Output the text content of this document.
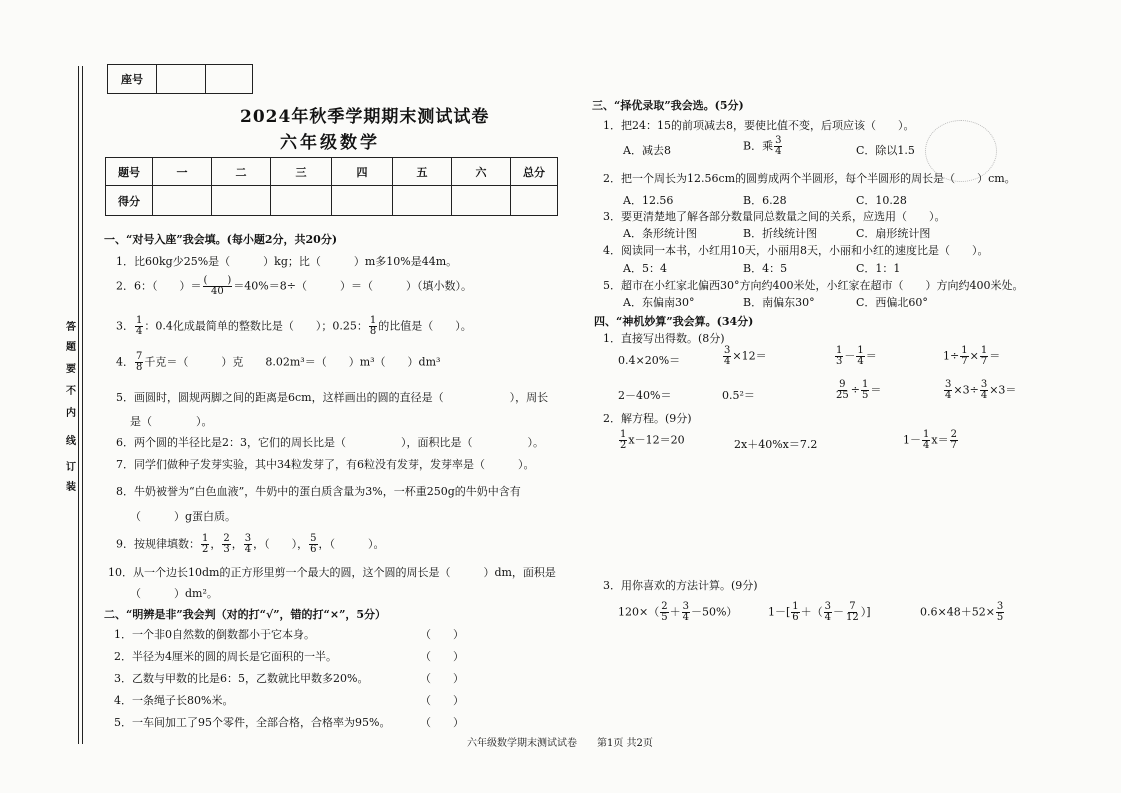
答
题
要
不
内
线
订
装
座号		
2024年秋季学期期末测试试卷
六年级数学
题号	一	二	三	四	五	六	总分
得分							
一、“对号入座”我会填。(每小题2分，共20分)
1．比60kg少25%是（　　　）kg；比（　　　）m多10%是44m。
2．6：（　　）＝ $\frac{( )}{40} =40\%=8\div$（　　　）＝（　　　）（填小数）。
3． $\frac{1}{4}$ ：0.4化成最简单的整数比是（　　）；0.25： $\frac{1}{8}$ 的比值是（　　）。
4． $\frac{7}{8}$ 千克＝（　　　）克　　8.02m³＝（　　）m³（　　）dm³
5．画圆时，圆规两脚之间的距离是6cm，这样画出的圆的直径是（　　　　　　），周长
是（　　　　）。
6．两个圆的半径比是2：3，它们的周长比是（　　　　　），面积比是（　　　　　）。
7．同学们做种子发芽实验，其中34粒发芽了，有6粒没有发芽，发芽率是（　　　）。
8．牛奶被誉为“白色血液”，牛奶中的蛋白质含量为3%，一杯重250g的牛奶中含有
（　　　）g蛋白质。
9．按规律填数： $\frac{1}{2}$ ， $\frac{2}{3}$ ， $\frac{3}{4}$ ，（　　）， $\frac{5}{6}$ ，（　　　）。
10．从一个边长10dm的正方形里剪一个最大的圆，这个圆的周长是（　　　）dm，面积是
（　　　）dm²。
二、“明辨是非”我会判（对的打“√”，错的打“×”，5分）
1．一个非0自然数的倒数都小于它本身。	（　　）
2．半径为4厘米的圆的周长是它面积的一半。	（　　）
3．乙数与甲数的比是6：5，乙数就比甲数多20%。	（　　）
4．一条绳子长80%米。	（　　）
5．一车间加工了95个零件，全部合格，合格率为95%。	（　　）
三、“择优录取”我会选。(5分)
1．把24：15的前项减去8，要使比值不变，后项应该（　　）。
A．减去8	B．乘 $\frac{3}{4}$	C．除以1.5
2．把一个周长为12.56cm的圆剪成两个半圆形，每个半圆形的周长是（　　）cm。
A．12.56	B．6.28	C．10.28
3．要更清楚地了解各部分数量同总数量之间的关系，应选用（　　）。
A．条形统计图	B．折线统计图	C．扇形统计图
4．阅读同一本书，小红用10天，小丽用8天，小丽和小红的速度比是（　　）。
A．5：4	B．4：5	C．1：1
5．超市在小红家北偏西30°方向约400米处，小红家在超市（　　）方向约400米处。
A．东偏南30°	B．南偏东30°	C．西偏北60°
四、“神机妙算”我会算。(34分)
1．直接写出得数。(8分)
0.4×20%＝	$\frac{3}{4} \times 12=$	$\frac{1}{3} - \frac{1}{4}$ ＝	$1\div \frac{1}{7} \times \frac{1}{7}$ ＝
2－40%＝	0.5²＝	$\frac{9}{25} \div \frac{1}{5}$ ＝	$\frac{3}{4} \times 3\div \frac{3}{4} \times 3=$
2．解方程。(9分)
$\frac{1}{2} x-12=20$	2x＋40%x＝7.2	$1- \frac{1}{4} x= \frac{2}{7}$
3．用你喜欢的方法计算。(9分)
$120\times( \frac{2}{5} + \frac{3}{4} -50\%)$	$1-[ \frac{1}{6}$ ＋（ $\frac{3}{4} - \frac{7}{12}$ ）]	$0.6\times 48+52\times \frac{3}{5}$
六年级数学期末测试试卷 第1页 共2页
